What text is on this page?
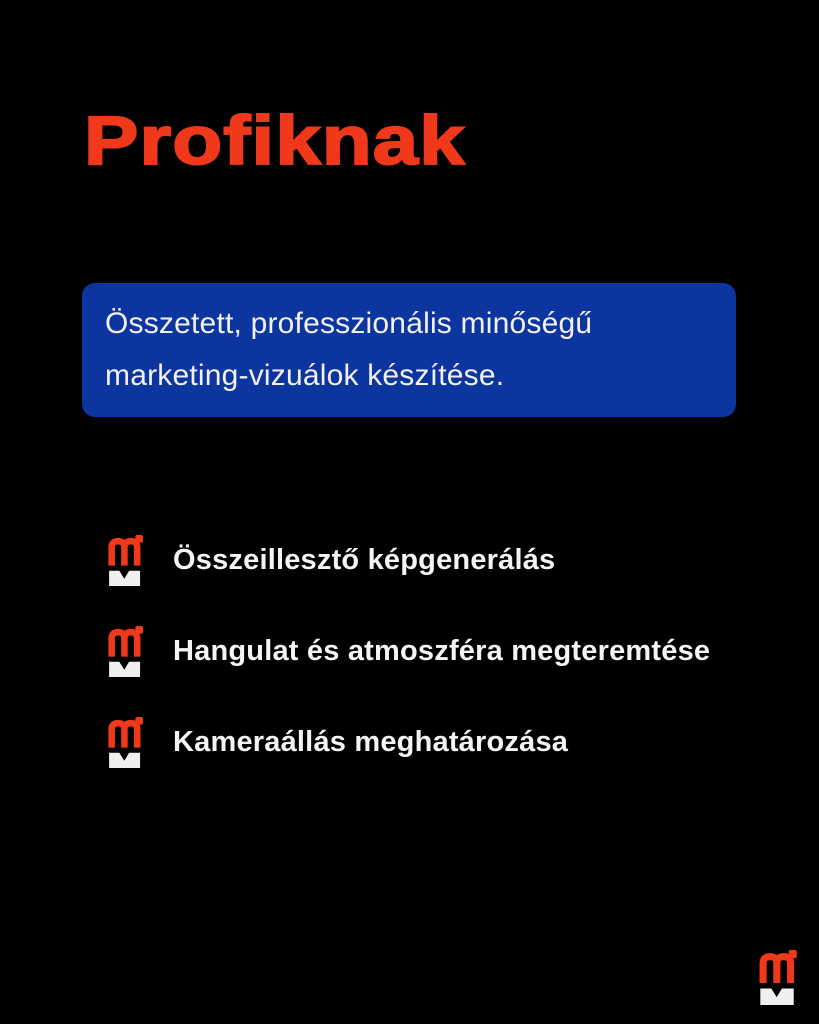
Profiknak

Összetett, professzionális minőségű

marketing-vizuálok készítése.

Összeillesztő képgenerálás
Hangulat és atmoszféra megteremtése
Kameraállás meghatározása
